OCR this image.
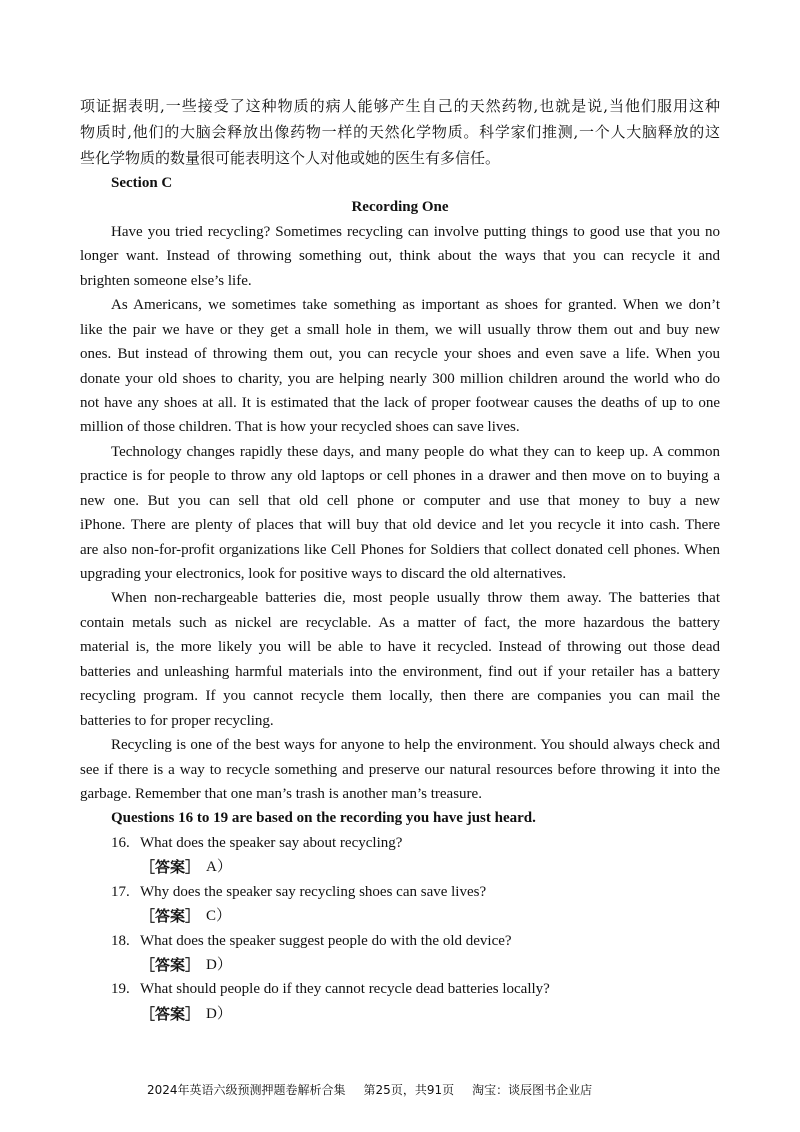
项证据表明,一些接受了这种物质的病人能够产生自己的天然药物,也就是说,当他们服用这种
物质时,他们的大脑会释放出像药物一样的天然化学物质。科学家们推测,一个人大脑释放的这
些化学物质的数量很可能表明这个人对他或她的医生有多信任。
Section C
Recording One
Have you tried recycling? Sometimes recycling can involve putting things to good use that you no
longer want. Instead of throwing something out, think about the ways that you can recycle it and
brighten someone else’s life.
As Americans, we sometimes take something as important as shoes for granted. When we don’t
like the pair we have or they get a small hole in them, we will usually throw them out and buy new
ones. But instead of throwing them out, you can recycle your shoes and even save a life. When you
donate your old shoes to charity, you are helping nearly 300 million children around the world who do
not have any shoes at all. It is estimated that the lack of proper footwear causes the deaths of up to one
million of those children. That is how your recycled shoes can save lives.
Technology changes rapidly these days, and many people do what they can to keep up. A common
practice is for people to throw any old laptops or cell phones in a drawer and then move on to buying a
new one. But you can sell that old cell phone or computer and use that money to buy a new
iPhone. There are plenty of places that will buy that old device and let you recycle it into cash. There
are also non-for-profit organizations like Cell Phones for Soldiers that collect donated cell phones. When
upgrading your electronics, look for positive ways to discard the old alternatives.
When non-rechargeable batteries die, most people usually throw them away. The batteries that
contain metals such as nickel are recyclable. As a matter of fact, the more hazardous the battery
material is, the more likely you will be able to have it recycled. Instead of throwing out those dead
batteries and unleashing harmful materials into the environment, find out if your retailer has a battery
recycling program. If you cannot recycle them locally, then there are companies you can mail the
batteries to for proper recycling.
Recycling is one of the best ways for anyone to help the environment. You should always check and
see if there is a way to recycle something and preserve our natural resources before throwing it into the
garbage. Remember that one man’s trash is another man’s treasure.
Questions 16 to 19 are based on the recording you have just heard.
16. What does the speaker say about recycling?
［答案］ A）
17. Why does the speaker say recycling shoes can save lives?
［答案］ C）
18. What does the speaker suggest people do with the old device?
［答案］ D）
19. What should people do if they cannot recycle dead batteries locally?
［答案］ D）
2024年英语六级预测押题卷解析合集 第25页，共91页 淘宝：谈辰图书企业店
